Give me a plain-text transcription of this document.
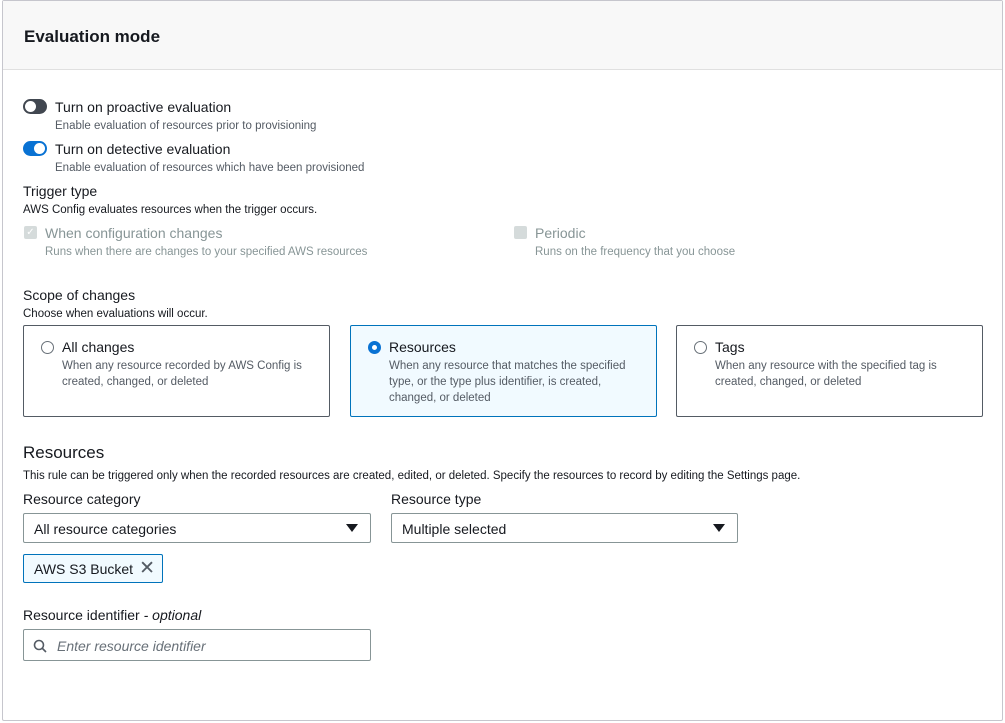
Evaluation mode
Turn on proactive evaluation
Enable evaluation of resources prior to provisioning
Turn on detective evaluation
Enable evaluation of resources which have been provisioned
Trigger type
AWS Config evaluates resources when the trigger occurs.
✓ When configuration changes
Runs when there are changes to your specified AWS resources
Periodic
Runs on the frequency that you choose
Scope of changes
Choose when evaluations will occur.
All changes
When any resource recorded by AWS Config is created, changed, or deleted
Resources
When any resource that matches the specified type, or the type plus identifier, is created, changed, or deleted
Tags
When any resource with the specified tag is created, changed, or deleted
Resources
This rule can be triggered only when the recorded resources are created, edited, or deleted. Specify the resources to record by editing the Settings page.
Resource category
All resource categories
Resource type
Multiple selected
AWS S3 Bucket ✕
Resource identifier - optional
Enter resource identifier
